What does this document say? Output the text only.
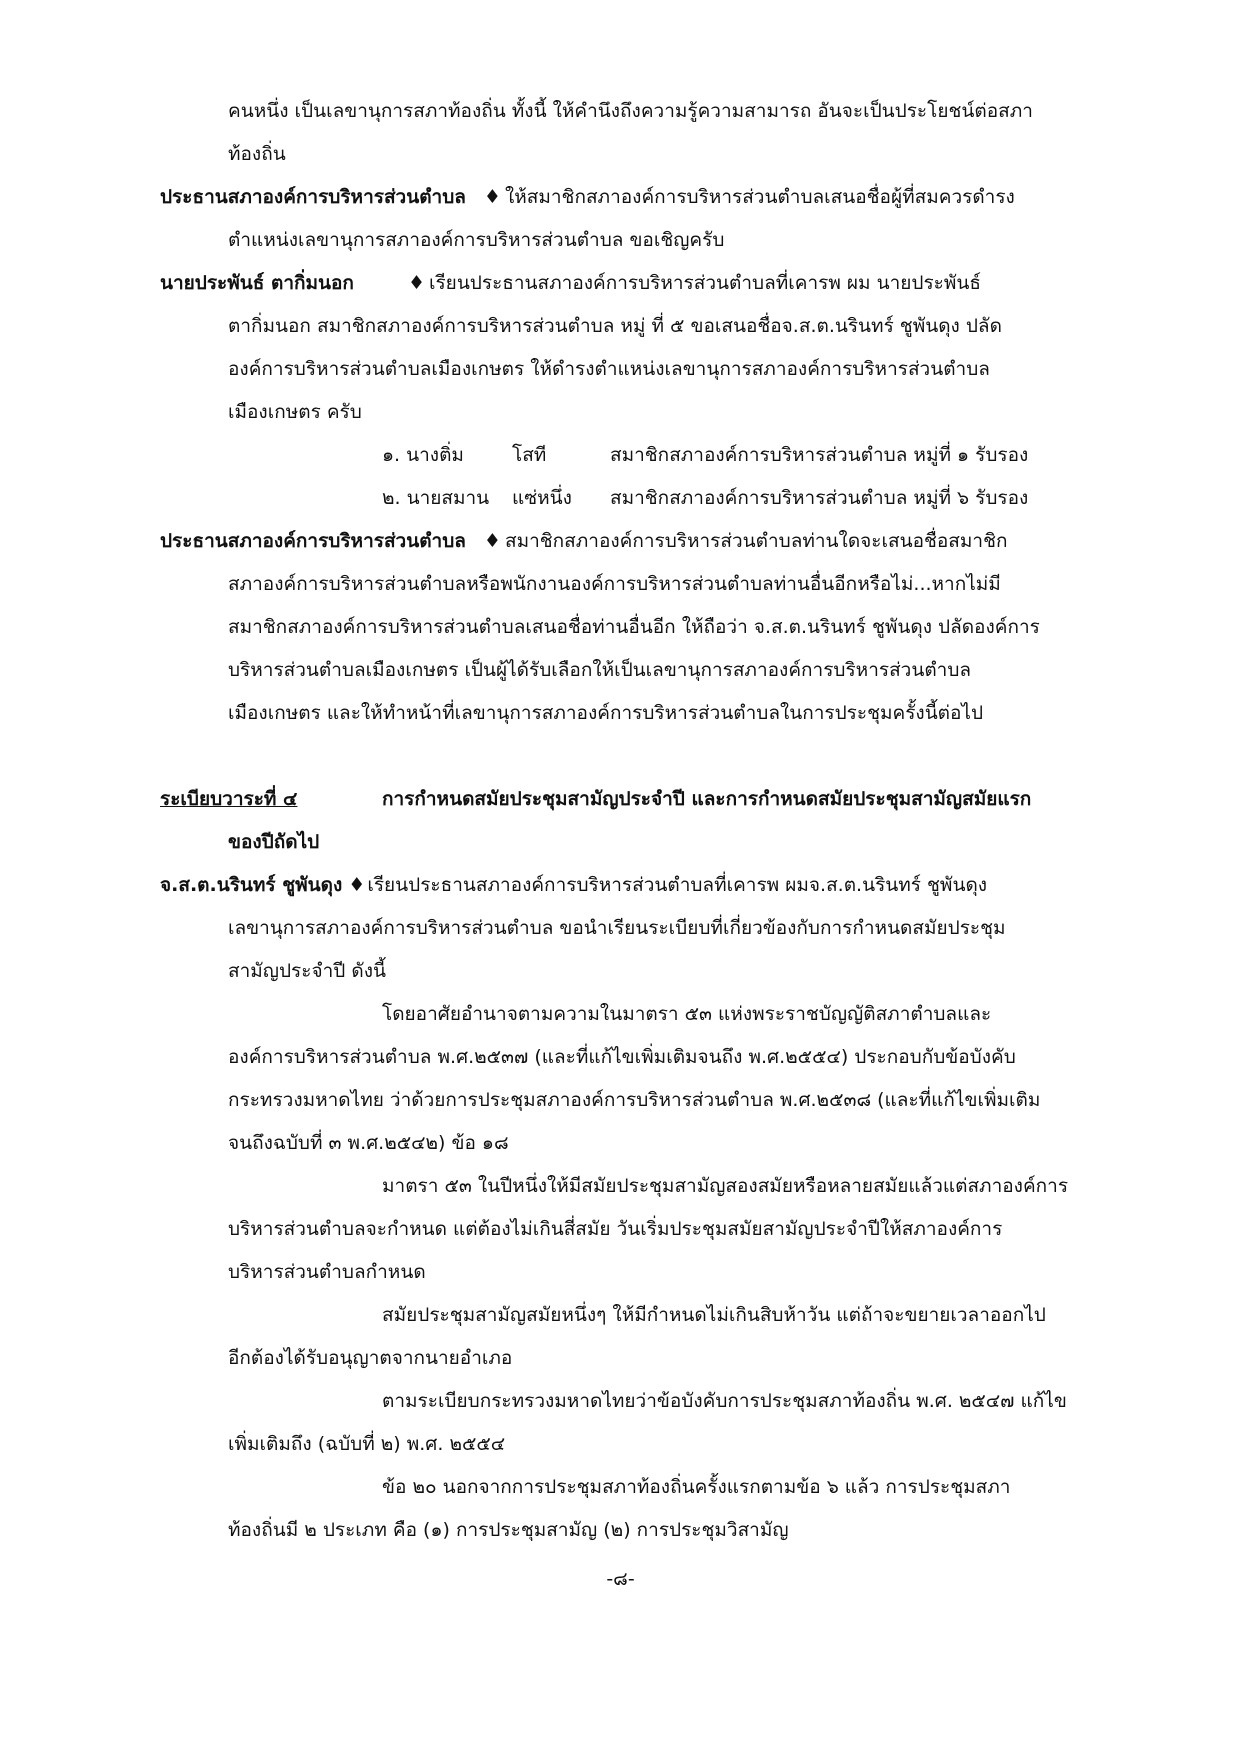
คนหนึ่ง เป็นเลขานุการสภาท้องถิ่น ทั้งนี้ ให้คำนึงถึงความรู้ความสามารถ อันจะเป็นประโยชน์ต่อสภา
ท้องถิ่น
ประธานสภาองค์การบริหารส่วนตำบล ♦ ให้สมาชิกสภาองค์การบริหารส่วนตำบลเสนอชื่อผู้ที่สมควรดำรง
ตำแหน่งเลขานุการสภาองค์การบริหารส่วนตำบล ขอเชิญครับ
นายประพันธ์ ตากิ่มนอก	♦ เรียนประธานสภาองค์การบริหารส่วนตำบลที่เคารพ ผม นายประพันธ์
ตากิ่มนอก สมาชิกสภาองค์การบริหารส่วนตำบล หมู่ ที่ ๕ ขอเสนอชื่อจ.ส.ต.นรินทร์ ชูพันดุง ปลัด
องค์การบริหารส่วนตำบลเมืองเกษตร ให้ดำรงตำแหน่งเลขานุการสภาองค์การบริหารส่วนตำบล
เมืองเกษตร ครับ
๑. นางติ่ม	โสที	สมาชิกสภาองค์การบริหารส่วนตำบล หมู่ที่ ๑ รับรอง
๒. นายสมาน แซ่หนึ่ง สมาชิกสภาองค์การบริหารส่วนตำบล หมู่ที่ ๖ รับรอง
ประธานสภาองค์การบริหารส่วนตำบล ♦ สมาชิกสภาองค์การบริหารส่วนตำบลท่านใดจะเสนอชื่อสมาชิก
สภาองค์การบริหารส่วนตำบลหรือพนักงานองค์การบริหารส่วนตำบลท่านอื่นอีกหรือไม่...หากไม่มี
สมาชิกสภาองค์การบริหารส่วนตำบลเสนอชื่อท่านอื่นอีก ให้ถือว่า จ.ส.ต.นรินทร์ ชูพันดุง ปลัดองค์การ
บริหารส่วนตำบลเมืองเกษตร เป็นผู้ได้รับเลือกให้เป็นเลขานุการสภาองค์การบริหารส่วนตำบล
เมืองเกษตร และให้ทำหน้าที่เลขานุการสภาองค์การบริหารส่วนตำบลในการประชุมครั้งนี้ต่อไป
ระเบียบวาระที่ ๔	การกำหนดสมัยประชุมสามัญประจำปี และการกำหนดสมัยประชุมสามัญสมัยแรก
ของปีถัดไป
จ.ส.ต.นรินทร์ ชูพันดุง ♦ เรียนประธานสภาองค์การบริหารส่วนตำบลที่เคารพ ผมจ.ส.ต.นรินทร์ ชูพันดุง
เลขานุการสภาองค์การบริหารส่วนตำบล ขอนำเรียนระเบียบที่เกี่ยวข้องกับการกำหนดสมัยประชุม
สามัญประจำปี ดังนี้
โดยอาศัยอำนาจตามความในมาตรา ๕๓ แห่งพระราชบัญญัติสภาตำบลและ
องค์การบริหารส่วนตำบล พ.ศ.๒๕๓๗ (และที่แก้ไขเพิ่มเติมจนถึง พ.ศ.๒๕๕๔) ประกอบกับข้อบังคับ
กระทรวงมหาดไทย ว่าด้วยการประชุมสภาองค์การบริหารส่วนตำบล พ.ศ.๒๕๓๘ (และที่แก้ไขเพิ่มเติม
จนถึงฉบับที่ ๓ พ.ศ.๒๕๔๒) ข้อ ๑๘
มาตรา ๕๓ ในปีหนึ่งให้มีสมัยประชุมสามัญสองสมัยหรือหลายสมัยแล้วแต่สภาองค์การ
บริหารส่วนตำบลจะกำหนด แต่ต้องไม่เกินสี่สมัย วันเริ่มประชุมสมัยสามัญประจำปีให้สภาองค์การ
บริหารส่วนตำบลกำหนด
สมัยประชุมสามัญสมัยหนึ่งๆ ให้มีกำหนดไม่เกินสิบห้าวัน แต่ถ้าจะขยายเวลาออกไป
อีกต้องได้รับอนุญาตจากนายอำเภอ
ตามระเบียบกระทรวงมหาดไทยว่าข้อบังคับการประชุมสภาท้องถิ่น พ.ศ. ๒๕๔๗ แก้ไข
เพิ่มเติมถึง (ฉบับที่ ๒) พ.ศ. ๒๕๕๔
ข้อ ๒๐ นอกจากการประชุมสภาท้องถิ่นครั้งแรกตามข้อ ๖ แล้ว การประชุมสภา
ท้องถิ่นมี ๒ ประเภท คือ (๑) การประชุมสามัญ (๒) การประชุมวิสามัญ
-๘-
